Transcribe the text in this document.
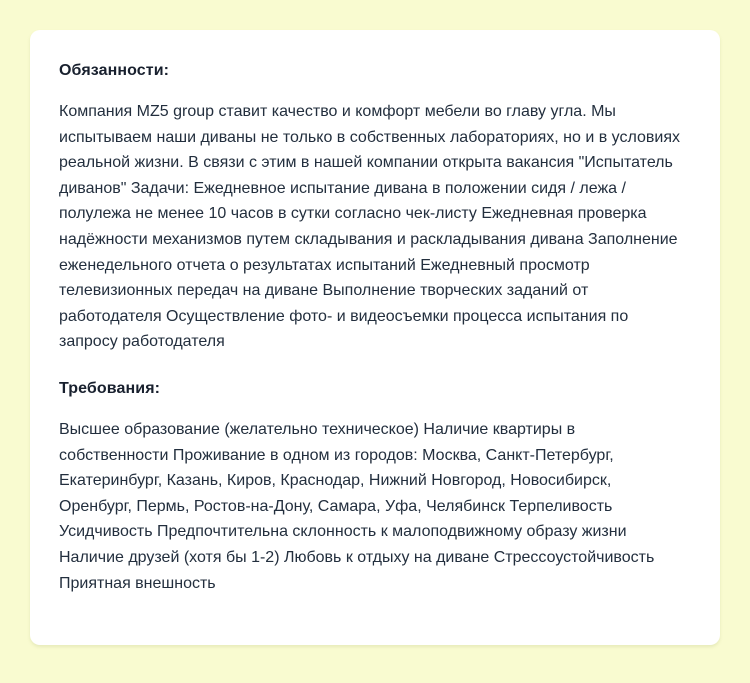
Обязанности:
Компания MZ5 group ставит качество и комфорт мебели во главу угла. Мы испытываем наши диваны не только в собственных лабораториях, но и в условиях реальной жизни. В связи с этим в нашей компании открыта вакансия "Испытатель диванов" Задачи: Ежедневное испытание дивана в положении сидя / лежа / полулежа не менее 10 часов в сутки согласно чек-листу Ежедневная проверка надёжности механизмов путем складывания и раскладывания дивана Заполнение еженедельного отчета о результатах испытаний Ежедневный просмотр телевизионных передач на диване Выполнение творческих заданий от работодателя Осуществление фото- и видеосъемки процесса испытания по запросу работодателя
Требования:
Высшее образование (желательно техническое) Наличие квартиры в собственности Проживание в одном из городов: Москва, Санкт-Петербург, Екатеринбург, Казань, Киров, Краснодар, Нижний Новгород, Новосибирск, Оренбург, Пермь, Ростов-на-Дону, Самара, Уфа, Челябинск Терпеливость Усидчивость Предпочтительна склонность к малоподвижному образу жизни Наличие друзей (хотя бы 1-2) Любовь к отдыху на диване Стрессоустойчивость Приятная внешность
